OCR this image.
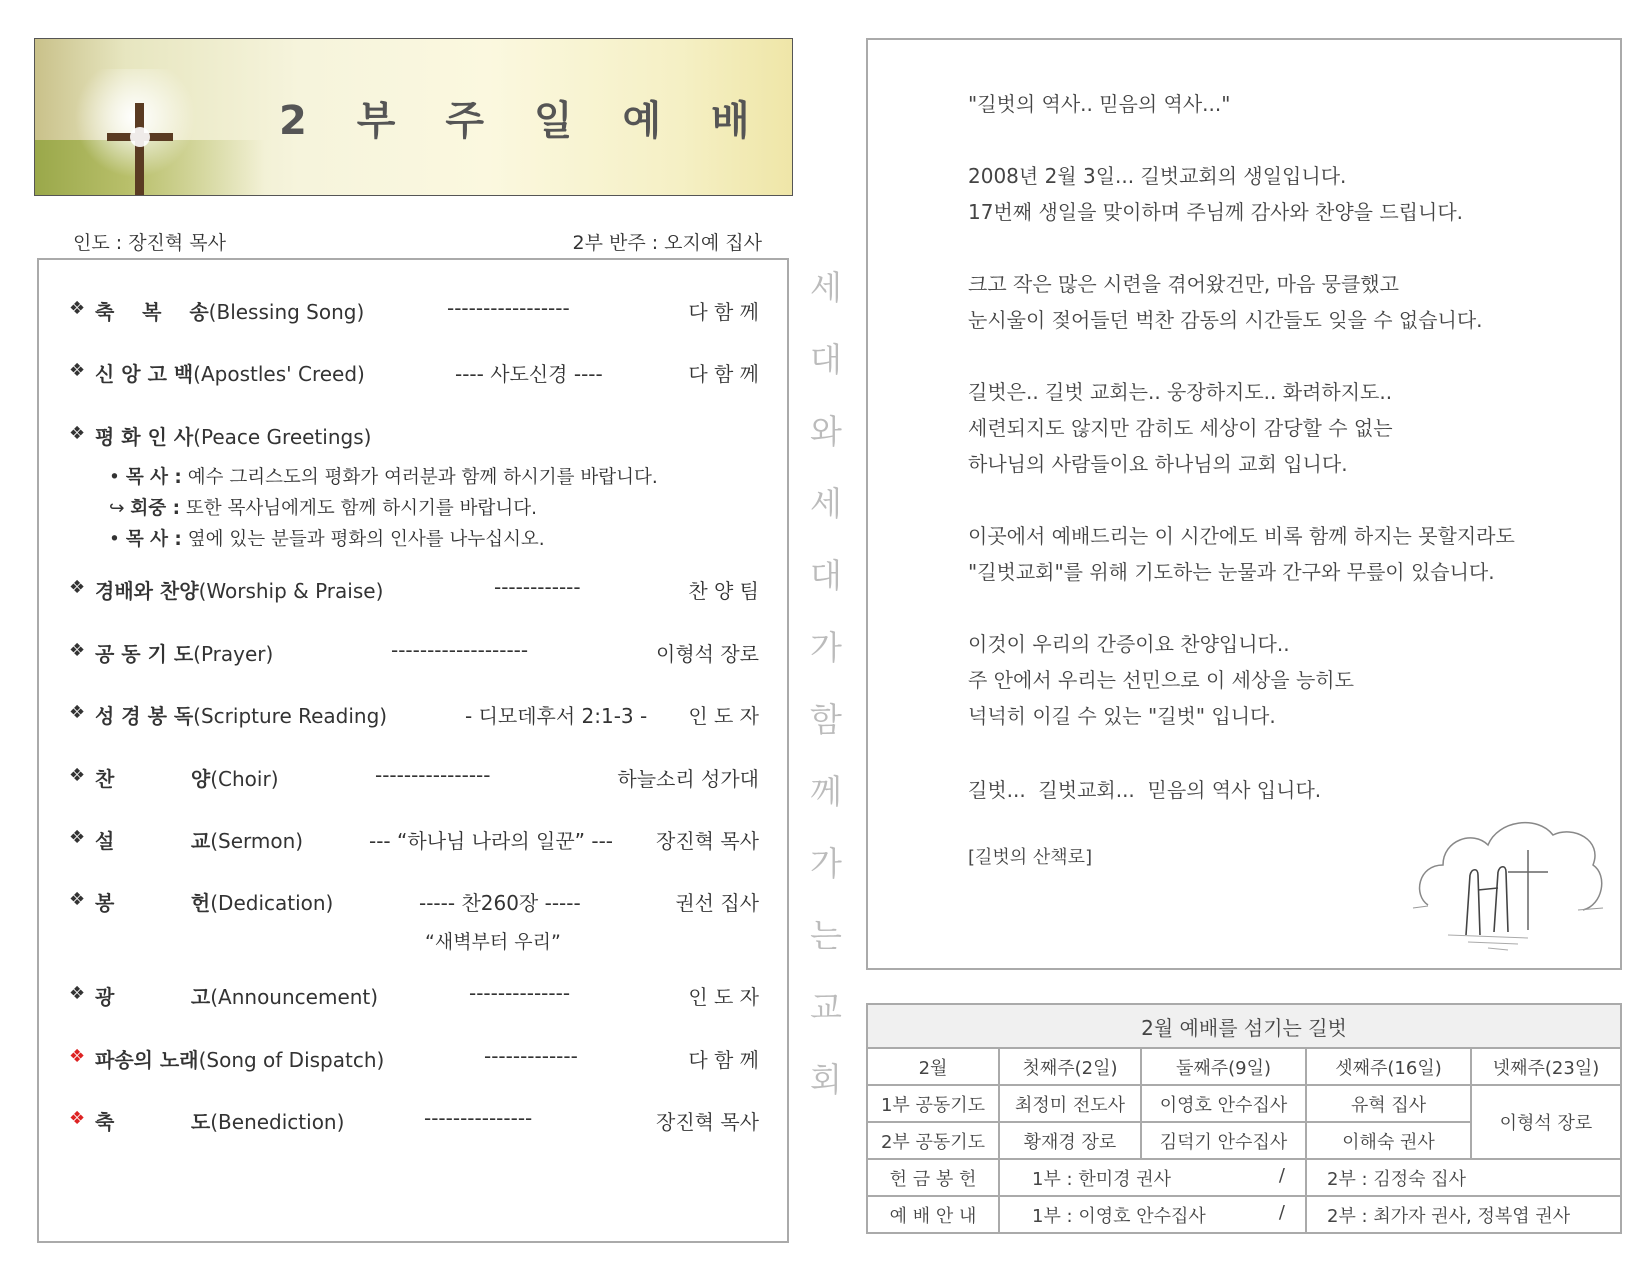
2 부 주 일 예 배
인도 : 장진혁 목사	2부 반주 : 오지예 집사
❖ 축    복    송(Blessing Song)	-----------------	다 함 께
❖ 신 앙 고 백(Apostles' Creed)	---- 사도신경 ----	다 함 께
❖ 평 화 인 사(Peace Greetings)
• 목 사 : 예수 그리스도의 평화가 여러분과 함께 하시기를 바랍니다.
↪ 회중 : 또한 목사님에게도 함께 하시기를 바랍니다.
• 목 사 : 옆에 있는 분들과 평화의 인사를 나누십시오.
❖ 경배와 찬양(Worship & Praise)	------------	찬 양 팀
❖ 공 동 기 도(Prayer)	-------------------	이형석 장로
❖ 성 경 봉 독(Scripture Reading)	- 디모데후서 2:1-3 - 인 도 자
❖ 찬           양(Choir)	----------------	하늘소리 성가대
❖ 설           교(Sermon)	--- “하나님 나라의 일꾼” --- 장진혁 목사
❖ 봉           헌(Dedication)	----- 찬260장 -----	권선 집사
“새벽부터 우리”
❖ 광           고(Announcement)	--------------	인 도 자
❖ 파송의 노래(Song of Dispatch)	-------------	다 함 께
❖ 축           도(Benediction)	---------------	장진혁 목사
세
대
와
세
대
가
함
께
가
는
교
회
"길벗의 역사.. 믿음의 역사..."
2008년 2월 3일... 길벗교회의 생일입니다.
17번째 생일을 맞이하며 주님께 감사와 찬양을 드립니다.
크고 작은 많은 시련을 겪어왔건만, 마음 뭉클했고
눈시울이 젖어들던 벅찬 감동의 시간들도 잊을 수 없습니다.
길벗은.. 길벗 교회는.. 웅장하지도.. 화려하지도..
세련되지도 않지만 감히도 세상이 감당할 수 없는
하나님의 사람들이요 하나님의 교회 입니다.
이곳에서 예배드리는 이 시간에도 비록 함께 하지는 못할지라도
"길벗교회"를 위해 기도하는 눈물과 간구와 무릎이 있습니다.
이것이 우리의 간증이요 찬양입니다..
주 안에서 우리는 선민으로 이 세상을 능히도
넉넉히 이길 수 있는 "길벗" 입니다.
길벗...  길벗교회...  믿음의 역사 입니다.
[길벗의 산책로]
2월 예배를 섬기는 길벗				
2월	첫째주(2일)	둘째주(9일)	셋째주(16일)	넷째주(23일)
1부 공동기도	최정미 전도사	이영호 안수집사	유혁 집사	이형석 장로
2부 공동기도	황재경 장로	김덕기 안수집사	이해숙 권사	
헌 금 봉 헌	1부 : 한미경 권사 /		2부 : 김정숙 집사	
예 배 안 내	1부 : 이영호 안수집사 /		2부 : 최가자 권사, 정복엽 권사	
